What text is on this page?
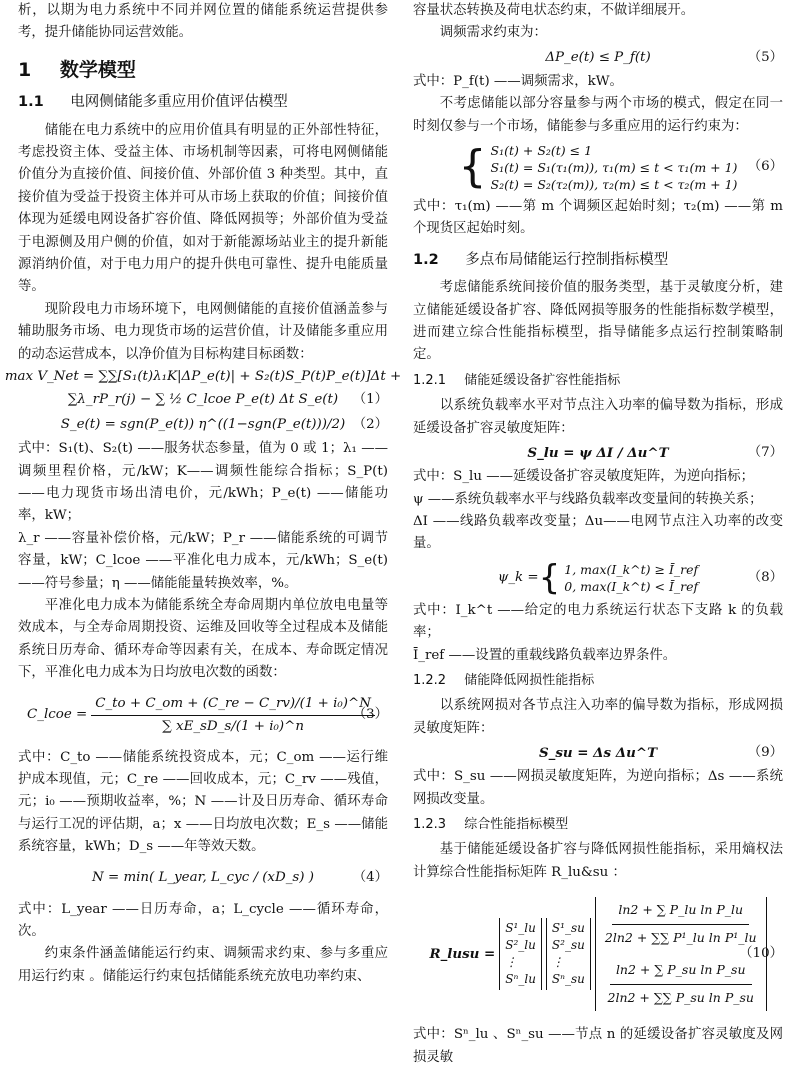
析，以期为电力系统中不同并网位置的储能系统运营提供参考，提升储能协同运营效能。

1 数学模型
1.1 电网侧储能多重应用价值评估模型

储能在电力系统中的应用价值具有明显的正外部性特征，考虑投资主体、受益主体、市场机制等因素，可将电网侧储能价值分为直接价值、间接价值、外部价值 3 种类型。其中，直接价值为受益于投资主体并可从市场上获取的价值；间接价值体现为延缓电网设备扩容价值、降低网损等；外部价值为受益于电源侧及用户侧的价值，如对于新能源场站业主的提升新能源消纳价值，对于电力用户的提升供电可靠性、提升电能质量等。

现阶段电力市场环境下，电网侧储能的直接价值涵盖参与辅助服务市场、电力现货市场的运营价值，计及储能多重应用的动态运营成本，以净价值为目标构建目标函数：

max V_Net = ∑∑[S₁(t)λ₁K|ΔP_e(t)| + S₂(t)S_P(t)P_e(t)]Δt +
∑λ_rP_r(j) − ∑ ½ C_lcoe P_e(t) Δt S_e(t) （1）
S_e(t) = sgn(P_e(t)) η^((1−sgn(P_e(t)))/2) （2）

式中：S₁(t)、S₂(t) ——服务状态参量，值为 0 或 1；λ₁ ——调频里程价格，元/kW；K——调频性能综合指标；S_P(t) ——电力现货市场出清电价，元/kWh；P_e(t) ——储能功率，kW；

λ_r ——容量补偿价格，元/kW；P_r ——储能系统的可调节容量，kW；C_lcoe ——平准化电力成本，元/kWh；S_e(t) ——符号参量；η ——储能能量转换效率，%。

平准化电力成本为储能系统全寿命周期内单位放电电量等效成本，与全寿命周期投资、运维及回收等全过程成本及储能系统日历寿命、循环寿命等因素有关，在成本、寿命既定情况下，平准化电力成本为日均放电次数的函数：

C_lcoe = $\frac{\text{C\_to + C\_om + (C\_re − C\_rv)/(1 + i₀)\textasciicircum{}N}}{\text{∑ xE\_sD\_s/(1 + i₀)\textasciicircum{}n}}$
（3）

式中：C_to ——储能系统投资成本，元；C_om ——运行维护成本现值，元；C_re ——回收成本，元；C_rv ——残值，元；i₀ ——预期收益率，%；N ——计及日历寿命、循环寿命与运行工况的评估期，a；x ——日均放电次数；E_s ——储能系统容量，kWh；D_s ——年等效天数。

N = min( L_year, L_cyc / (xD_s) )	（4）

式中：L_year ——日历寿命，a；L_cycle ——循环寿命，次。

约束条件涵盖储能运行约束、调频需求约束、参与多重应用运行约束 。储能运行约束包括储能系统充放电功率约束、

容量状态转换及荷电状态约束，不做详细展开。

调频需求约束为：

ΔP_e(t) ≤ P_f(t)	（5）

式中：P_f(t) ——调频需求，kW。

不考虑储能以部分容量参与两个市场的模式，假定在同一时刻仅参与一个市场，储能参与多重应用的运行约束为：

{ S₁(t) + S₂(t) ≤ 1
S₁(t) = S₁(τ₁(m)), τ₁(m) ≤ t < τ₁(m + 1)
S₂(t) = S₂(τ₂(m)), τ₂(m) ≤ t < τ₂(m + 1)
（6）

式中：τ₁(m) ——第 m 个调频区起始时刻；τ₂(m) ——第 m 个现货区起始时刻。

1.2 多点布局储能运行控制指标模型

考虑储能系统间接价值的服务类型，基于灵敏度分析，建立储能延缓设备扩容、降低网损等服务的性能指标数学模型，进而建立综合性能指标模型，指导储能多点运行控制策略制定。

1.2.1 储能延缓设备扩容性能指标

以系统负载率水平对节点注入功率的偏导数为指标，形成延缓设备扩容灵敏度矩阵：

S_lu = ψ ΔI / Δu^T	（7）

式中：S_lu ——延缓设备扩容灵敏度矩阵，为逆向指标；

ψ ——系统负载率水平与线路负载率改变量间的转换关系；

ΔI ——线路负载率改变量；Δu——电网节点注入功率的改变量。

ψ_k = { 1, max(I_k^t) ≥ Ī_ref
0, max(I_k^t) < Ī_ref
（8）

式中：I_k^t ——给定的电力系统运行状态下支路 k 的负载率；

Ī_ref ——设置的重载线路负载率边界条件。

1.2.2 储能降低网损性能指标

以系统网损对各节点注入功率的偏导数为指标，形成网损灵敏度矩阵：

S_su = Δs Δu^T	（9）

式中：S_su ——网损灵敏度矩阵，为逆向指标；Δs ——系统网损改变量。

1.2.3 综合性能指标模型

基于储能延缓设备扩容与降低网损性能指标，采用熵权法计算综合性能指标矩阵 R_lu&su ：

R_lusu =
S¹_lu
S²_lu
⋮
Sⁿ_lu
S¹_su
S²_su
⋮
Sⁿ_su
$\frac{\text{ln2 + ∑ P\_lu ln P\_lu}}{\text{2ln2 + ∑∑ P¹\_lu ln P¹\_lu}}$
$\frac{\text{ln2 + ∑ P\_su ln P\_su}}{\text{2ln2 + ∑∑ P\_su ln P\_su}}$
（10）

式中：Sⁿ_lu 、Sⁿ_su ——节点 n 的延缓设备扩容灵敏度及网损灵敏
